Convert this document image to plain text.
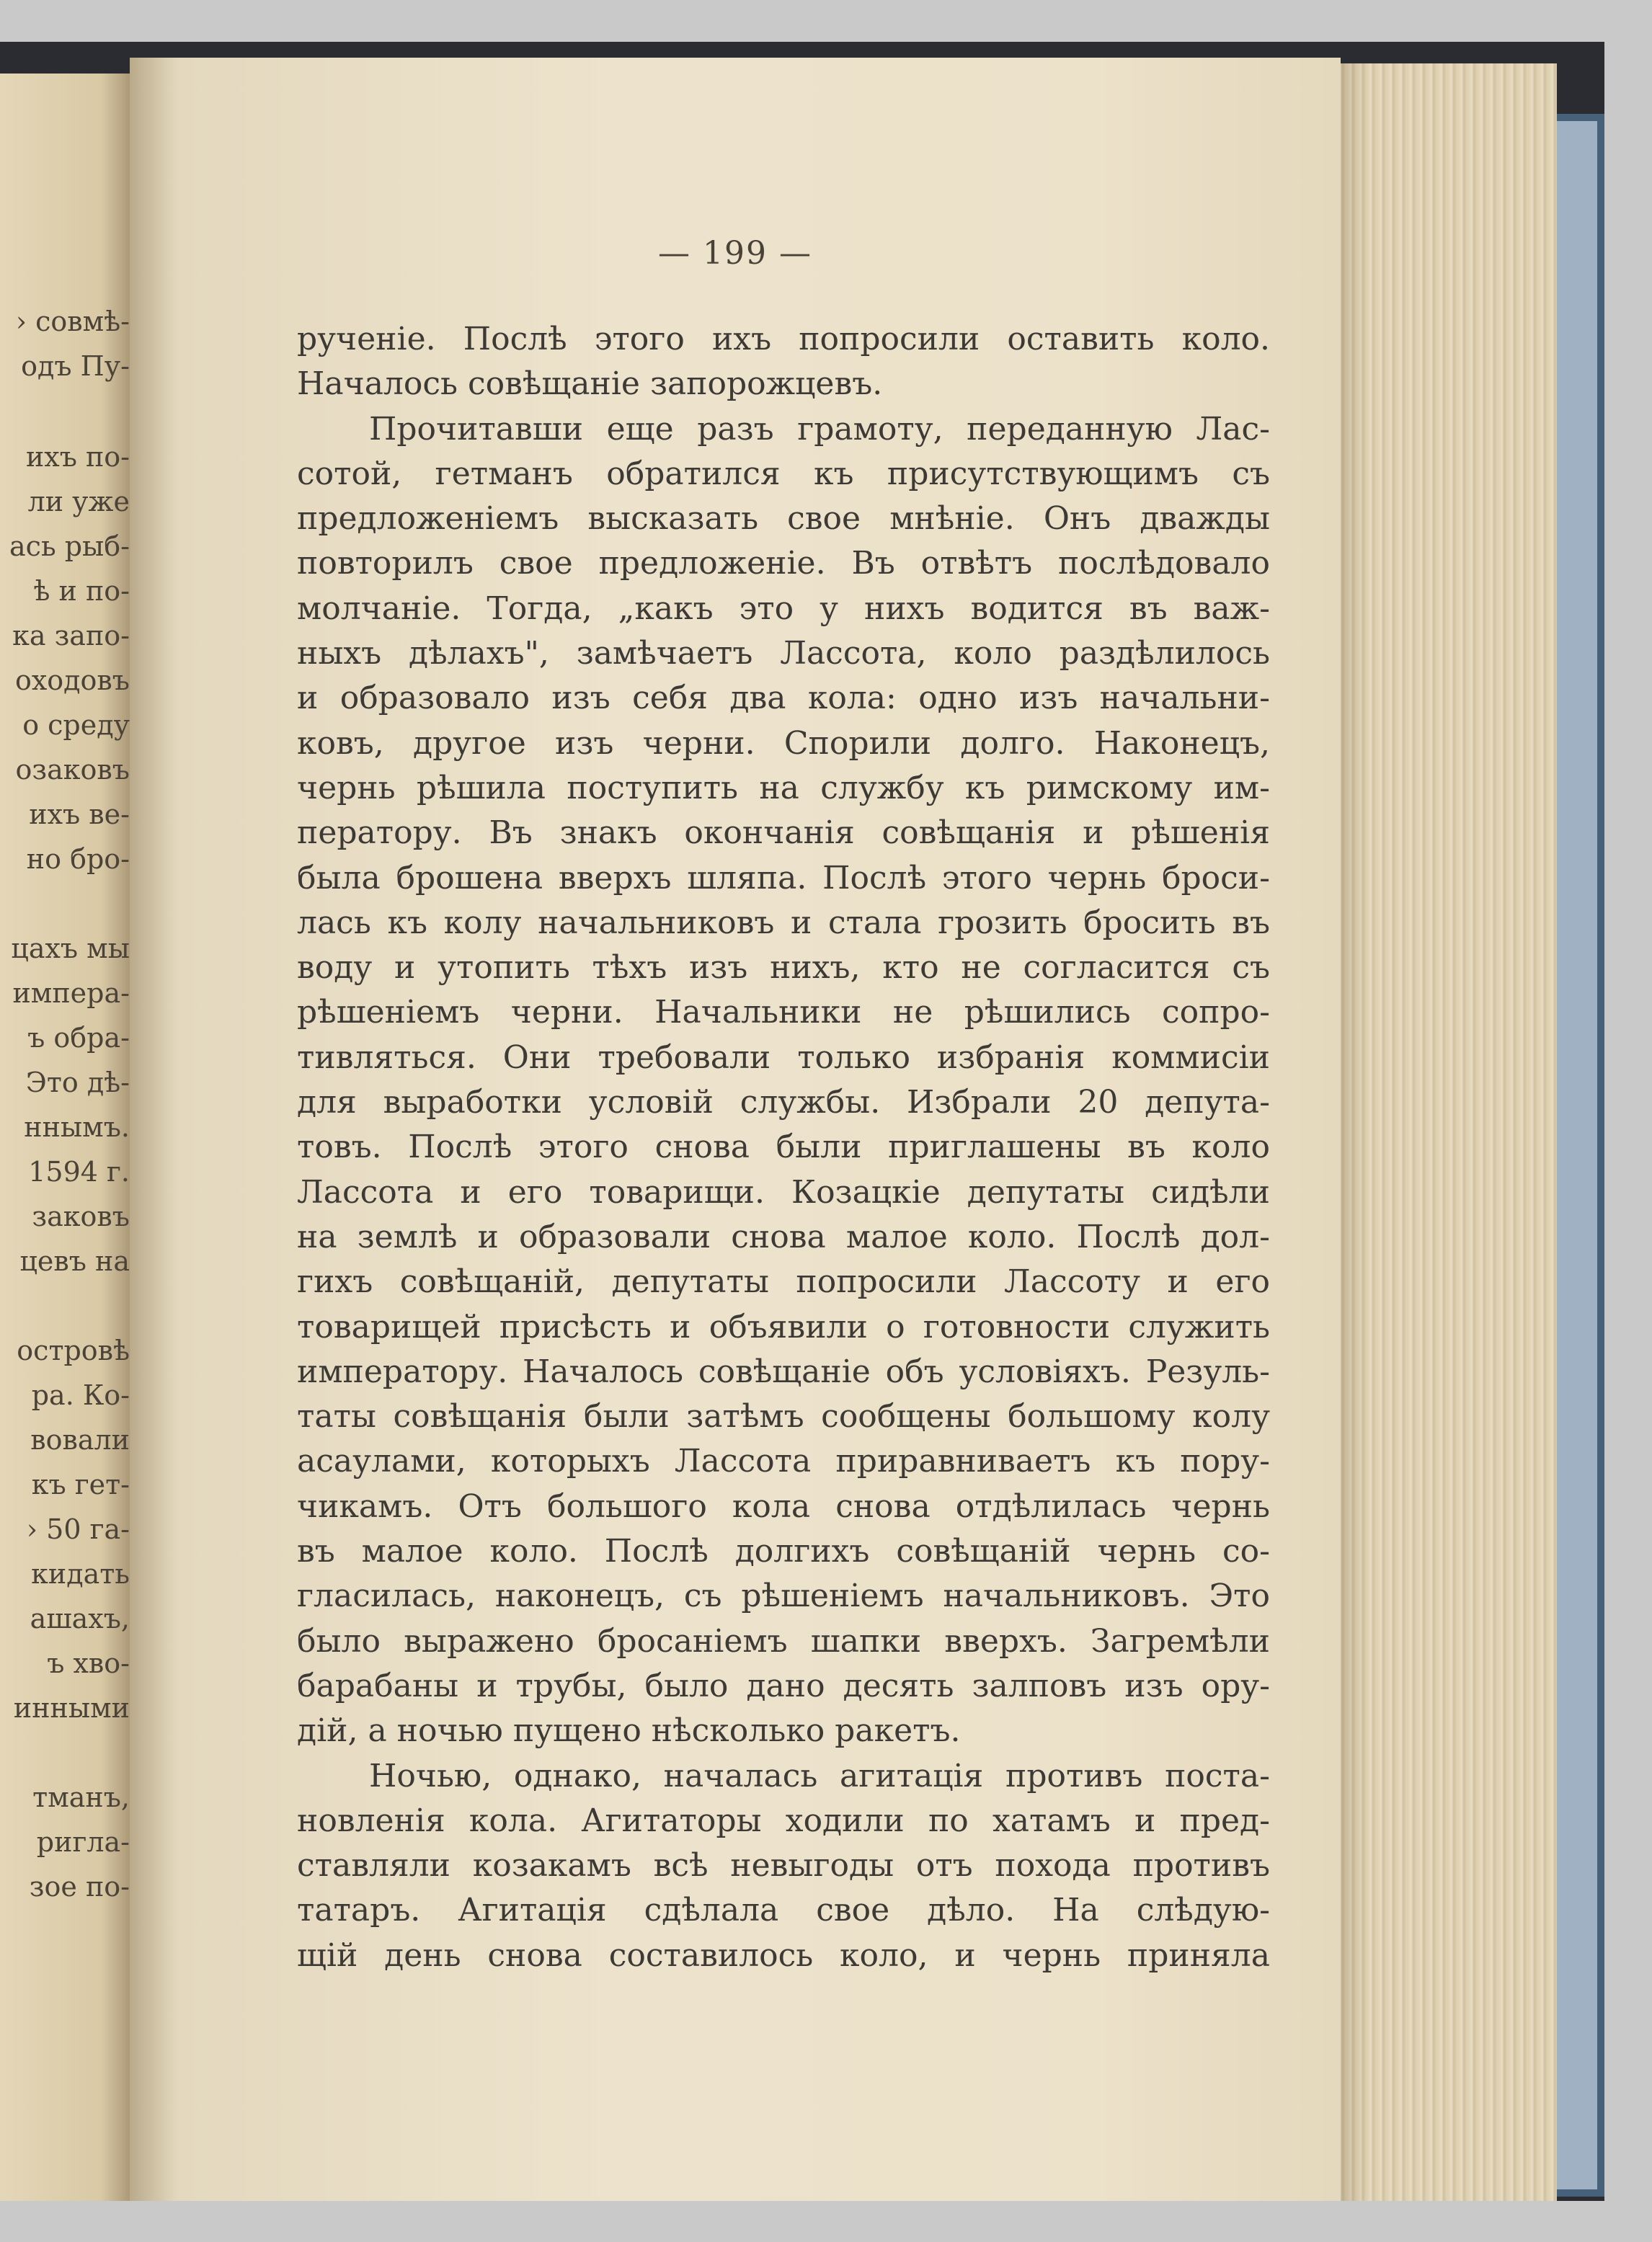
› совмѣ-
одъ Пу-
ихъ по-
ли уже
ась рыб-
ѣ и по-
ка запо-
оходовъ
о среду
озаковъ
ихъ ве-
но бро-
цахъ мы
импера-
ъ обра-
Это дѣ-
ннымъ.
1594 г.
заковъ
цевъ на
островѣ
ра. Ко-
вовали
къ гет-
› 50 га-
кидать
ашахъ,
ъ хво-
инными
тманъ,
ригла-
зое по-
— 199 —
рученіе. Послѣ этого ихъ попросили оставить коло.
Началось совѣщаніе запорожцевъ.
Прочитавши еще разъ грамоту, переданную Лас-
сотой, гетманъ обратился къ присутствующимъ съ
предложеніемъ высказать свое мнѣніе. Онъ дважды
повторилъ свое предложеніе. Въ отвѣтъ послѣдовало
молчаніе. Тогда, „какъ это у нихъ водится въ важ-
ныхъ дѣлахъ", замѣчаетъ Лассота, коло раздѣлилось
и образовало изъ себя два кола: одно изъ начальни-
ковъ, другое изъ черни. Спорили долго. Наконецъ,
чернь рѣшила поступить на службу къ римскому им-
ператору. Въ знакъ окончанія совѣщанія и рѣшенія
была брошена вверхъ шляпа. Послѣ этого чернь броси-
лась къ колу начальниковъ и стала грозить бросить въ
воду и утопить тѣхъ изъ нихъ, кто не согласится съ
рѣшеніемъ черни. Начальники не рѣшились сопро-
тивляться. Они требовали только избранія коммисіи
для выработки условій службы. Избрали 20 депута-
товъ. Послѣ этого снова были приглашены въ коло
Лассота и его товарищи. Козацкіе депутаты сидѣли
на землѣ и образовали снова малое коло. Послѣ дол-
гихъ совѣщаній, депутаты попросили Лассоту и его
товарищей присѣсть и объявили о готовности служить
императору. Началось совѣщаніе объ условіяхъ. Резуль-
таты совѣщанія были затѣмъ сообщены большому колу
асаулами, которыхъ Лассота приравниваетъ къ пору-
чикамъ. Отъ большого кола снова отдѣлилась чернь
въ малое коло. Послѣ долгихъ совѣщаній чернь со-
гласилась, наконецъ, съ рѣшеніемъ начальниковъ. Это
было выражено бросаніемъ шапки вверхъ. Загремѣли
барабаны и трубы, было дано десять залповъ изъ ору-
дій, а ночью пущено нѣсколько ракетъ.
Ночью, однако, началась агитація противъ поста-
новленія кола. Агитаторы ходили по хатамъ и пред-
ставляли козакамъ всѣ невыгоды отъ похода противъ
татаръ. Агитація сдѣлала свое дѣло. На слѣдую-
щій день снова составилось коло, и чернь приняла
